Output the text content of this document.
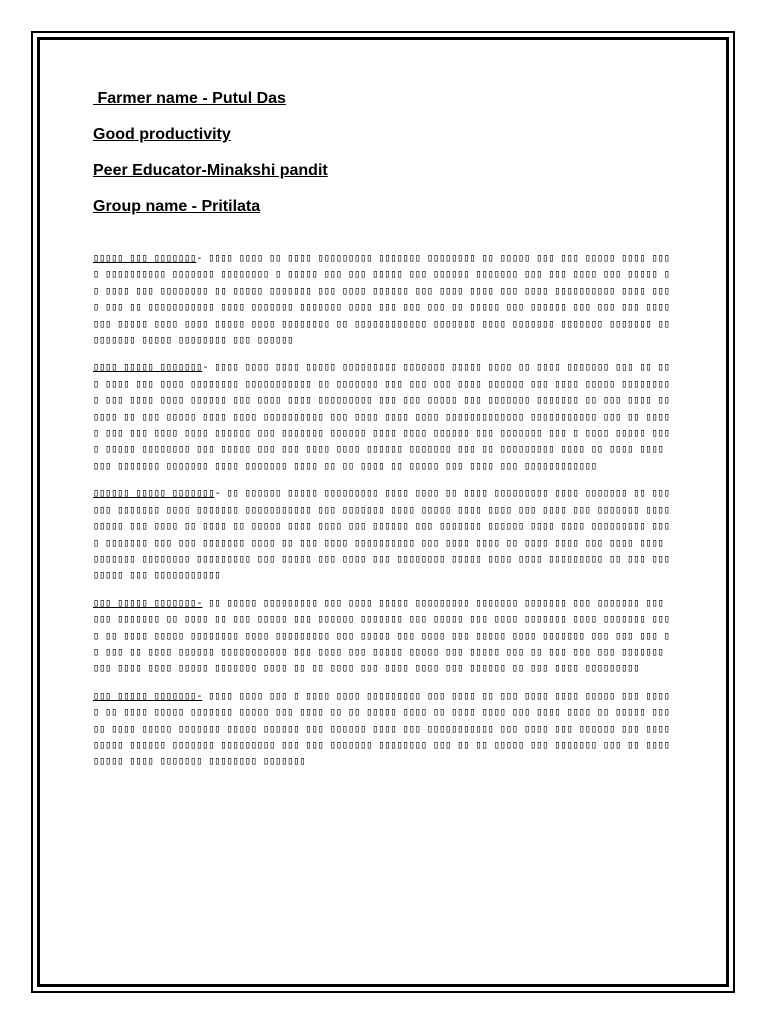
Farmer name - Putul Das

Good productivity

Peer Educator-Minakshi pandit

Group name - Pritilata

▯▯▯▯▯ ▯▯▯ ▯▯▯▯▯▯▯- ▯▯▯▯ ▯▯▯▯ ▯▯ ▯▯▯▯ ▯▯▯▯▯▯▯▯▯ ▯▯▯▯▯▯▯ ▯▯▯▯▯▯▯▯ ▯▯ ▯▯▯▯▯ ▯▯▯ ▯▯▯ ▯▯▯▯▯ ▯▯▯▯ ▯▯▯▯ ▯▯▯▯▯▯▯▯▯▯ ▯▯▯▯▯▯▯ ▯▯▯▯▯▯▯▯ ▯ ▯▯▯▯▯ ▯▯▯ ▯▯▯ ▯▯▯▯▯ ▯▯▯ ▯▯▯▯▯▯ ▯▯▯▯▯▯▯ ▯▯▯ ▯▯▯ ▯▯▯▯ ▯▯▯ ▯▯▯▯▯ ▯▯ ▯▯▯▯ ▯▯▯ ▯▯▯▯▯▯▯▯ ▯▯ ▯▯▯▯▯ ▯▯▯▯▯▯▯ ▯▯▯ ▯▯▯▯ ▯▯▯▯▯▯ ▯▯▯ ▯▯▯▯ ▯▯▯▯ ▯▯▯ ▯▯▯▯ ▯▯▯▯▯▯▯▯▯▯ ▯▯▯▯ ▯▯▯▯ ▯▯▯ ▯▯ ▯▯▯▯▯▯▯▯▯▯▯ ▯▯▯▯ ▯▯▯▯▯▯▯ ▯▯▯▯▯▯▯ ▯▯▯▯ ▯▯▯ ▯▯▯ ▯▯▯ ▯▯ ▯▯▯▯▯ ▯▯▯ ▯▯▯▯▯▯ ▯▯▯ ▯▯▯ ▯▯▯ ▯▯▯▯ ▯▯▯ ▯▯▯▯▯ ▯▯▯▯ ▯▯▯▯ ▯▯▯▯▯ ▯▯▯▯ ▯▯▯▯▯▯▯▯ ▯▯ ▯▯▯▯▯▯▯▯▯▯▯▯ ▯▯▯▯▯▯▯ ▯▯▯▯ ▯▯▯▯▯▯▯ ▯▯▯▯▯▯▯ ▯▯▯▯▯▯▯ ▯▯▯▯▯▯▯▯▯ ▯▯▯▯▯ ▯▯▯▯▯▯▯▯ ▯▯▯ ▯▯▯▯▯▯

▯▯▯▯ ▯▯▯▯▯ ▯▯▯▯▯▯▯- ▯▯▯▯ ▯▯▯▯ ▯▯▯▯ ▯▯▯▯▯ ▯▯▯▯▯▯▯▯▯ ▯▯▯▯▯▯▯ ▯▯▯▯▯ ▯▯▯▯ ▯▯ ▯▯▯▯ ▯▯▯▯▯▯▯ ▯▯▯ ▯▯ ▯▯▯ ▯▯▯▯ ▯▯▯ ▯▯▯▯ ▯▯▯▯▯▯▯▯ ▯▯▯▯▯▯▯▯▯▯▯ ▯▯ ▯▯▯▯▯▯▯ ▯▯▯ ▯▯▯ ▯▯▯ ▯▯▯▯ ▯▯▯▯▯▯ ▯▯▯ ▯▯▯▯ ▯▯▯▯▯ ▯▯▯▯▯▯▯▯▯ ▯▯▯ ▯▯▯▯ ▯▯▯▯ ▯▯▯▯▯▯ ▯▯▯ ▯▯▯▯ ▯▯▯▯ ▯▯▯▯▯▯▯▯▯ ▯▯▯ ▯▯▯ ▯▯▯▯▯ ▯▯▯ ▯▯▯▯▯▯▯ ▯▯▯▯▯▯▯ ▯▯ ▯▯▯ ▯▯▯▯ ▯▯ ▯▯▯▯ ▯▯ ▯▯▯ ▯▯▯▯▯ ▯▯▯▯ ▯▯▯▯ ▯▯▯▯▯▯▯▯▯▯ ▯▯▯ ▯▯▯▯ ▯▯▯▯ ▯▯▯▯ ▯▯▯▯▯▯▯▯▯▯▯▯▯ ▯▯▯▯▯▯▯▯▯▯▯ ▯▯▯ ▯▯ ▯▯▯▯▯ ▯▯▯ ▯▯▯ ▯▯▯▯ ▯▯▯▯ ▯▯▯▯▯▯ ▯▯▯ ▯▯▯▯▯▯▯ ▯▯▯▯▯▯ ▯▯▯▯ ▯▯▯▯ ▯▯▯▯▯▯ ▯▯▯ ▯▯▯▯▯▯▯ ▯▯▯ ▯ ▯▯▯▯ ▯▯▯▯▯ ▯▯▯▯ ▯▯▯▯▯ ▯▯▯▯▯▯▯▯ ▯▯▯ ▯▯▯▯▯ ▯▯▯ ▯▯▯ ▯▯▯▯ ▯▯▯▯ ▯▯▯▯▯▯ ▯▯▯▯▯▯▯ ▯▯▯ ▯▯ ▯▯▯▯▯▯▯▯▯ ▯▯▯▯ ▯▯ ▯▯▯▯ ▯▯▯▯ ▯▯▯ ▯▯▯▯▯▯▯ ▯▯▯▯▯▯▯ ▯▯▯▯ ▯▯▯▯▯▯▯ ▯▯▯▯ ▯▯ ▯▯ ▯▯▯▯ ▯▯ ▯▯▯▯▯ ▯▯▯ ▯▯▯▯ ▯▯▯ ▯▯▯▯▯▯▯▯▯▯▯▯

▯▯▯▯▯▯ ▯▯▯▯▯ ▯▯▯▯▯▯▯- ▯▯ ▯▯▯▯▯▯ ▯▯▯▯▯ ▯▯▯▯▯▯▯▯▯ ▯▯▯▯ ▯▯▯▯ ▯▯ ▯▯▯▯ ▯▯▯▯▯▯▯▯▯ ▯▯▯▯ ▯▯▯▯▯▯▯ ▯▯ ▯▯▯▯▯▯ ▯▯▯▯▯▯▯ ▯▯▯▯ ▯▯▯▯▯▯▯ ▯▯▯▯▯▯▯▯▯▯▯ ▯▯▯ ▯▯▯▯▯▯▯ ▯▯▯▯ ▯▯▯▯▯ ▯▯▯▯ ▯▯▯▯ ▯▯▯ ▯▯▯▯ ▯▯▯ ▯▯▯▯▯▯▯ ▯▯▯▯▯▯▯▯▯ ▯▯▯ ▯▯▯▯ ▯▯ ▯▯▯▯ ▯▯ ▯▯▯▯▯ ▯▯▯▯ ▯▯▯▯ ▯▯▯ ▯▯▯▯▯▯ ▯▯▯ ▯▯▯▯▯▯▯ ▯▯▯▯▯▯ ▯▯▯▯ ▯▯▯▯ ▯▯▯▯▯▯▯▯▯ ▯▯▯▯ ▯▯▯▯▯▯▯ ▯▯▯ ▯▯▯ ▯▯▯▯▯▯▯ ▯▯▯▯ ▯▯ ▯▯▯ ▯▯▯▯ ▯▯▯▯▯▯▯▯▯▯ ▯▯▯ ▯▯▯▯ ▯▯▯▯ ▯▯ ▯▯▯▯ ▯▯▯▯ ▯▯▯ ▯▯▯▯ ▯▯▯▯ ▯▯▯▯▯▯▯ ▯▯▯▯▯▯▯▯ ▯▯▯▯▯▯▯▯▯ ▯▯▯ ▯▯▯▯▯ ▯▯▯ ▯▯▯▯ ▯▯▯ ▯▯▯▯▯▯▯▯ ▯▯▯▯▯ ▯▯▯▯ ▯▯▯▯ ▯▯▯▯▯▯▯▯▯ ▯▯ ▯▯▯ ▯▯▯▯▯▯▯▯ ▯▯▯ ▯▯▯▯▯▯▯▯▯▯▯

▯▯▯ ▯▯▯▯▯ ▯▯▯▯▯▯▯- ▯▯ ▯▯▯▯▯ ▯▯▯▯▯▯▯▯▯ ▯▯▯ ▯▯▯▯ ▯▯▯▯▯ ▯▯▯▯▯▯▯▯▯ ▯▯▯▯▯▯▯ ▯▯▯▯▯▯▯ ▯▯▯ ▯▯▯▯▯▯▯ ▯▯▯ ▯▯▯ ▯▯▯▯▯▯▯ ▯▯ ▯▯▯▯ ▯▯ ▯▯▯ ▯▯▯▯▯ ▯▯▯ ▯▯▯▯▯▯ ▯▯▯▯▯▯▯ ▯▯▯ ▯▯▯▯▯ ▯▯▯ ▯▯▯▯ ▯▯▯▯▯▯▯ ▯▯▯▯ ▯▯▯▯▯▯▯ ▯▯▯▯ ▯▯ ▯▯▯▯ ▯▯▯▯▯ ▯▯▯▯▯▯▯▯ ▯▯▯▯ ▯▯▯▯▯▯▯▯▯ ▯▯▯ ▯▯▯▯▯ ▯▯▯ ▯▯▯▯ ▯▯▯ ▯▯▯▯▯ ▯▯▯▯ ▯▯▯▯▯▯▯ ▯▯▯ ▯▯▯ ▯▯▯ ▯▯ ▯▯▯ ▯▯ ▯▯▯▯ ▯▯▯▯▯▯ ▯▯▯▯▯▯▯▯▯▯▯ ▯▯▯ ▯▯▯▯ ▯▯▯ ▯▯▯▯▯ ▯▯▯▯▯ ▯▯▯ ▯▯▯▯▯ ▯▯▯ ▯▯ ▯▯▯ ▯▯▯ ▯▯▯ ▯▯▯▯▯▯▯ ▯▯▯ ▯▯▯▯ ▯▯▯▯ ▯▯▯▯▯ ▯▯▯▯▯▯▯ ▯▯▯▯ ▯▯ ▯▯ ▯▯▯▯ ▯▯▯ ▯▯▯▯ ▯▯▯▯ ▯▯▯ ▯▯▯▯▯▯ ▯▯ ▯▯▯ ▯▯▯▯ ▯▯▯▯▯▯▯▯▯

▯▯▯ ▯▯▯▯▯ ▯▯▯▯▯▯▯- ▯▯▯▯ ▯▯▯▯ ▯▯▯ ▯ ▯▯▯▯ ▯▯▯▯ ▯▯▯▯▯▯▯▯▯ ▯▯▯ ▯▯▯▯ ▯▯ ▯▯▯ ▯▯▯▯ ▯▯▯▯ ▯▯▯▯▯ ▯▯▯ ▯▯▯▯▯ ▯▯ ▯▯▯▯ ▯▯▯▯▯ ▯▯▯▯▯▯▯ ▯▯▯▯▯ ▯▯▯ ▯▯▯▯ ▯▯ ▯▯ ▯▯▯▯▯ ▯▯▯▯ ▯▯ ▯▯▯▯ ▯▯▯▯ ▯▯▯ ▯▯▯▯ ▯▯▯▯ ▯▯ ▯▯▯▯▯ ▯▯▯▯▯ ▯▯▯▯ ▯▯▯▯▯ ▯▯▯▯▯▯▯ ▯▯▯▯▯ ▯▯▯▯▯▯ ▯▯▯ ▯▯▯▯▯▯ ▯▯▯▯ ▯▯▯ ▯▯▯▯▯▯▯▯▯▯▯ ▯▯▯ ▯▯▯▯ ▯▯▯ ▯▯▯▯▯▯ ▯▯▯ ▯▯▯▯ ▯▯▯▯▯ ▯▯▯▯▯▯ ▯▯▯▯▯▯▯ ▯▯▯▯▯▯▯▯▯ ▯▯▯ ▯▯▯ ▯▯▯▯▯▯▯ ▯▯▯▯▯▯▯▯ ▯▯▯ ▯▯ ▯▯ ▯▯▯▯▯ ▯▯▯ ▯▯▯▯▯▯▯ ▯▯▯ ▯▯ ▯▯▯▯ ▯▯▯▯▯ ▯▯▯▯ ▯▯▯▯▯▯▯ ▯▯▯▯▯▯▯▯ ▯▯▯▯▯▯▯
